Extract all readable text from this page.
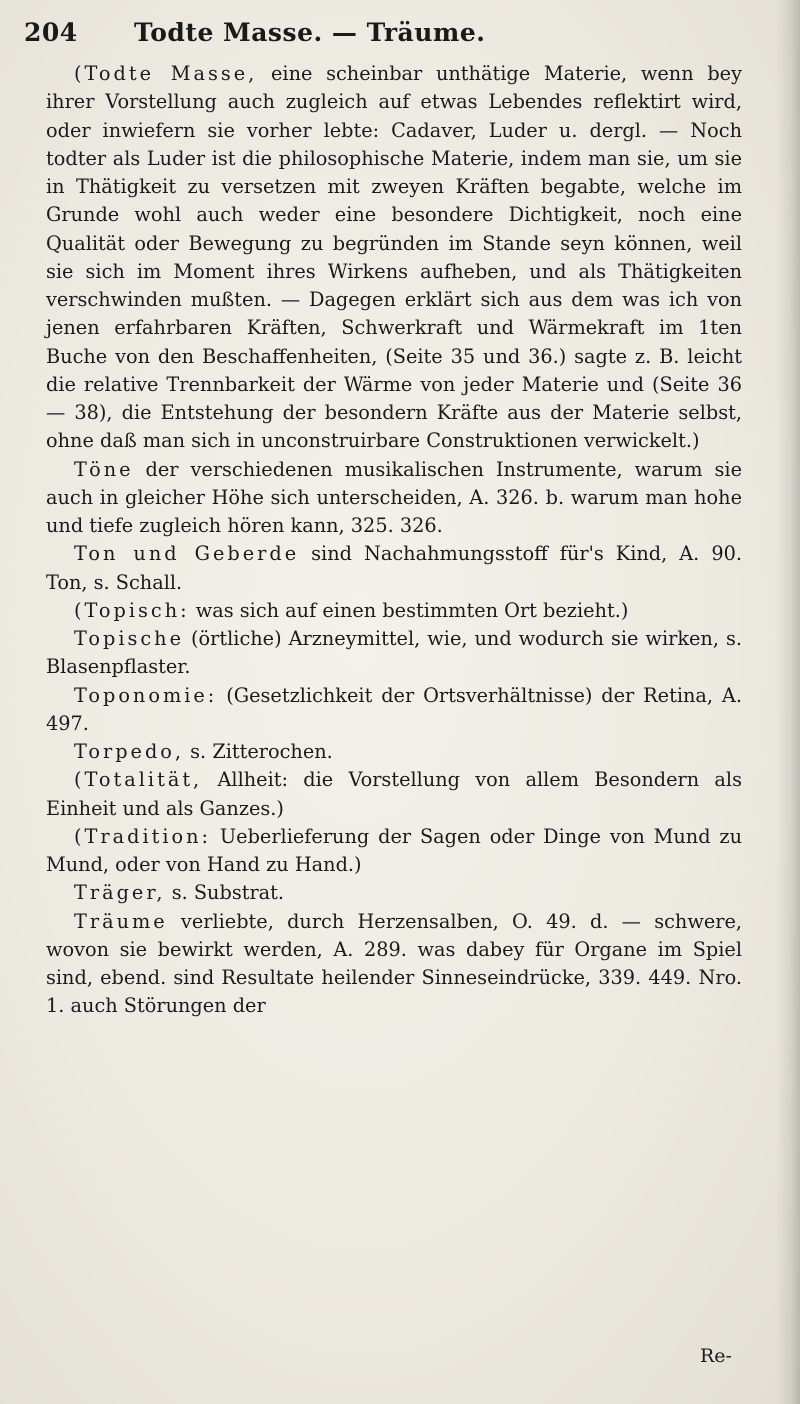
204 Todte Masse. — Träume.

(Todte Masse, eine scheinbar unthätige Materie, wenn bey ihrer Vorstellung auch zugleich auf etwas Lebendes reflektirt wird, oder inwiefern sie vorher lebte: Cadaver, Luder u. dergl. — Noch todter als Luder ist die philosophische Materie, indem man sie, um sie in Thätigkeit zu versetzen mit zweyen Kräften begabte, welche im Grunde wohl auch weder eine besondere Dichtigkeit, noch eine Qualität oder Bewegung zu begründen im Stande seyn können, weil sie sich im Moment ihres Wirkens aufheben, und als Thätigkeiten verschwinden mußten. — Dagegen erklärt sich aus dem was ich von jenen erfahrbaren Kräften, Schwerkraft und Wärmekraft im 1ten Buche von den Beschaffenheiten, (Seite 35 und 36.) sagte z. B. leicht die relative Trennbarkeit der Wärme von jeder Materie und (Seite 36 — 38), die Entstehung der besondern Kräfte aus der Materie selbst, ohne daß man sich in unconstruirbare Construktionen verwickelt.)

Töne der verschiedenen musikalischen Instrumente, warum sie auch in gleicher Höhe sich unterscheiden, A. 326. b. warum man hohe und tiefe zugleich hören kann, 325. 326.

Ton und Geberde sind Nachahmungsstoff für's Kind, A. 90. Ton, s. Schall.

(Topisch: was sich auf einen bestimmten Ort bezieht.)

Topische (örtliche) Arzneymittel, wie, und wodurch sie wirken, s. Blasenpflaster.

Toponomie: (Gesetzlichkeit der Ortsverhältnisse) der Retina, A. 497.

Torpedo, s. Zitterochen.

(Totalität, Allheit: die Vorstellung von allem Besondern als Einheit und als Ganzes.)

(Tradition: Ueberlieferung der Sagen oder Dinge von Mund zu Mund, oder von Hand zu Hand.)

Träger, s. Substrat.

Träume verliebte, durch Herzensalben, O. 49. d. — schwere, wovon sie bewirkt werden, A. 289. was dabey für Organe im Spiel sind, ebend. sind Resultate heilender Sinneseindrücke, 339. 449. Nro. 1. auch Störungen der

Re-
